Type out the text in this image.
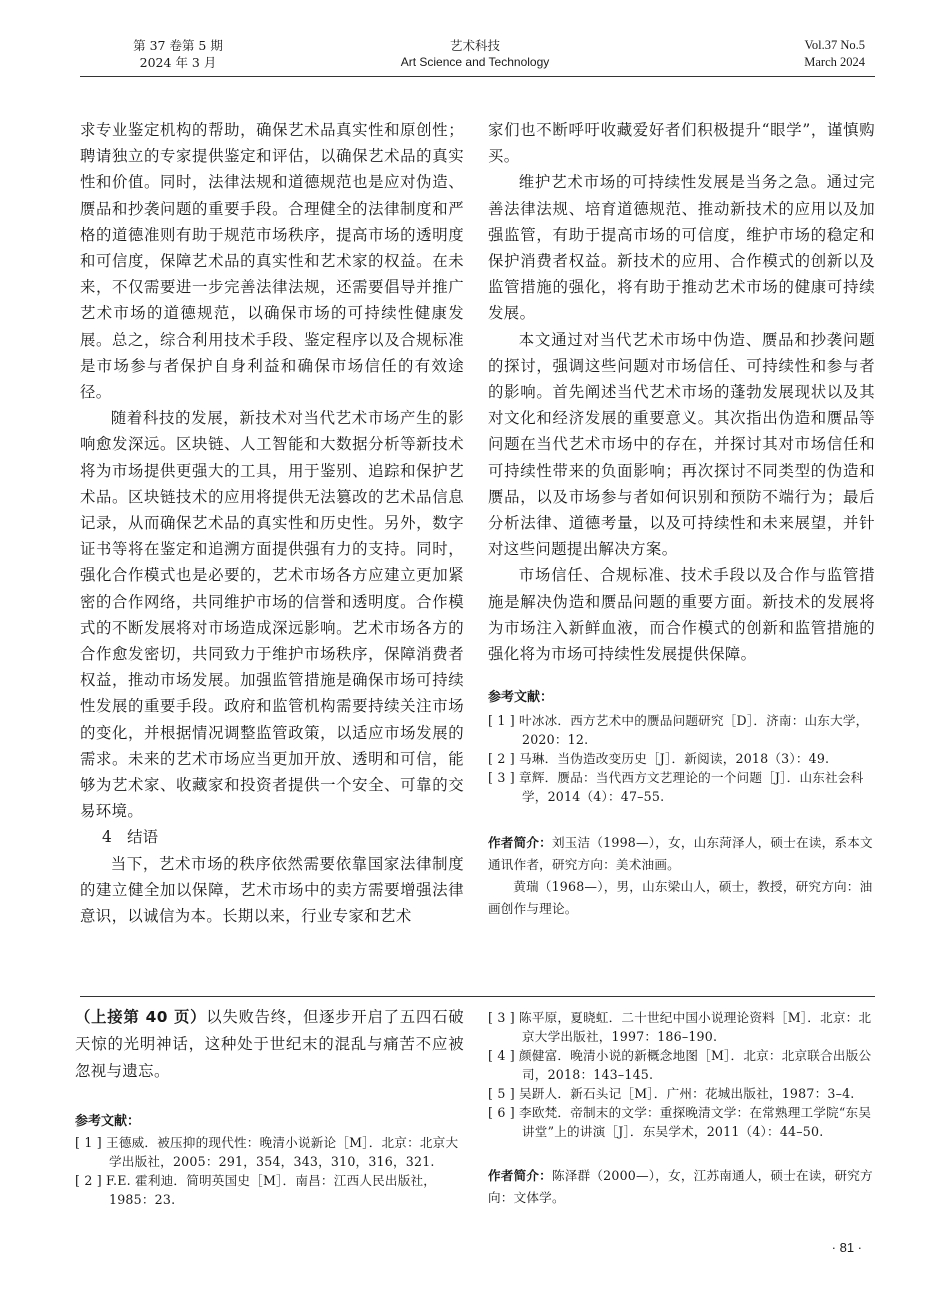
第 37 卷第 5 期
2024 年 3 月
艺术科技
Art Science and Technology
Vol.37 No.5
March 2024

求专业鉴定机构的帮助，确保艺术品真实性和原创性；聘请独立的专家提供鉴定和评估，以确保艺术品的真实性和价值。同时，法律法规和道德规范也是应对伪造、赝品和抄袭问题的重要手段。合理健全的法律制度和严格的道德准则有助于规范市场秩序，提高市场的透明度和可信度，保障艺术品的真实性和艺术家的权益。在未来，不仅需要进一步完善法律法规，还需要倡导并推广艺术市场的道德规范，以确保市场的可持续性健康发展。总之，综合利用技术手段、鉴定程序以及合规标准是市场参与者保护自身利益和确保市场信任的有效途径。

随着科技的发展，新技术对当代艺术市场产生的影响愈发深远。区块链、人工智能和大数据分析等新技术将为市场提供更强大的工具，用于鉴别、追踪和保护艺术品。区块链技术的应用将提供无法篡改的艺术品信息记录，从而确保艺术品的真实性和历史性。另外，数字证书等将在鉴定和追溯方面提供强有力的支持。同时，强化合作模式也是必要的，艺术市场各方应建立更加紧密的合作网络，共同维护市场的信誉和透明度。合作模式的不断发展将对市场造成深远影响。艺术市场各方的合作愈发密切，共同致力于维护市场秩序，保障消费者权益，推动市场发展。加强监管措施是确保市场可持续性发展的重要手段。政府和监管机构需要持续关注市场的变化，并根据情况调整监管政策，以适应市场发展的需求。未来的艺术市场应当更加开放、透明和可信，能够为艺术家、收藏家和投资者提供一个安全、可靠的交易环境。

4　结语

当下，艺术市场的秩序依然需要依靠国家法律制度的建立健全加以保障，艺术市场中的卖方需要增强法律意识，以诚信为本。长期以来，行业专家和艺术

家们也不断呼吁收藏爱好者们积极提升“眼学”，谨慎购买。

维护艺术市场的可持续性发展是当务之急。通过完善法律法规、培育道德规范、推动新技术的应用以及加强监管，有助于提高市场的可信度，维护市场的稳定和保护消费者权益。新技术的应用、合作模式的创新以及监管措施的强化，将有助于推动艺术市场的健康可持续发展。

本文通过对当代艺术市场中伪造、赝品和抄袭问题的探讨，强调这些问题对市场信任、可持续性和参与者的影响。首先阐述当代艺术市场的蓬勃发展现状以及其对文化和经济发展的重要意义。其次指出伪造和赝品等问题在当代艺术市场中的存在，并探讨其对市场信任和可持续性带来的负面影响；再次探讨不同类型的伪造和赝品，以及市场参与者如何识别和预防不端行为；最后分析法律、道德考量，以及可持续性和未来展望，并针对这些问题提出解决方案。

市场信任、合规标准、技术手段以及合作与监管措施是解决伪造和赝品问题的重要方面。新技术的发展将为市场注入新鲜血液，而合作模式的创新和监管措施的强化将为市场可持续性发展提供保障。

参考文献：
[ 1 ] 叶冰冰．西方艺术中的赝品问题研究［D］．济南：山东大学，2020：12.
[ 2 ] 马琳．当伪造改变历史［J］．新阅读，2018（3）：49.
[ 3 ] 章辉．赝品：当代西方文艺理论的一个问题［J］．山东社会科学，2014（4）：47–55.
作者简介：刘玉洁（1998—），女，山东菏泽人，硕士在读，系本文通讯作者，研究方向：美术油画。
黄瑞（1968—），男，山东梁山人，硕士，教授，研究方向：油画创作与理论。

（上接第 40 页）以失败告终，但逐步开启了五四石破天惊的光明神话，这种处于世纪末的混乱与痛苦不应被忽视与遗忘。

参考文献：
[ 1 ] 王德威．被压抑的现代性：晚清小说新论［M］．北京：北京大学出版社，2005：291，354，343，310，316，321.
[ 2 ] F.E. 霍利迪．简明英国史［M］．南昌：江西人民出版社，1985：23.
[ 3 ] 陈平原，夏晓虹．二十世纪中国小说理论资料［M］．北京：北京大学出版社，1997：186–190.
[ 4 ] 颜健富．晚清小说的新概念地图［M］．北京：北京联合出版公司，2018：143–145.
[ 5 ] 吴趼人．新石头记［M］．广州：花城出版社，1987：3–4.
[ 6 ] 李欧梵．帝制末的文学：重探晚清文学：在常熟理工学院“东吴讲堂”上的讲演［J］．东吴学术，2011（4）：44–50.
作者简介：陈泽群（2000—），女，江苏南通人，硕士在读，研究方向：文体学。
· 81 ·
